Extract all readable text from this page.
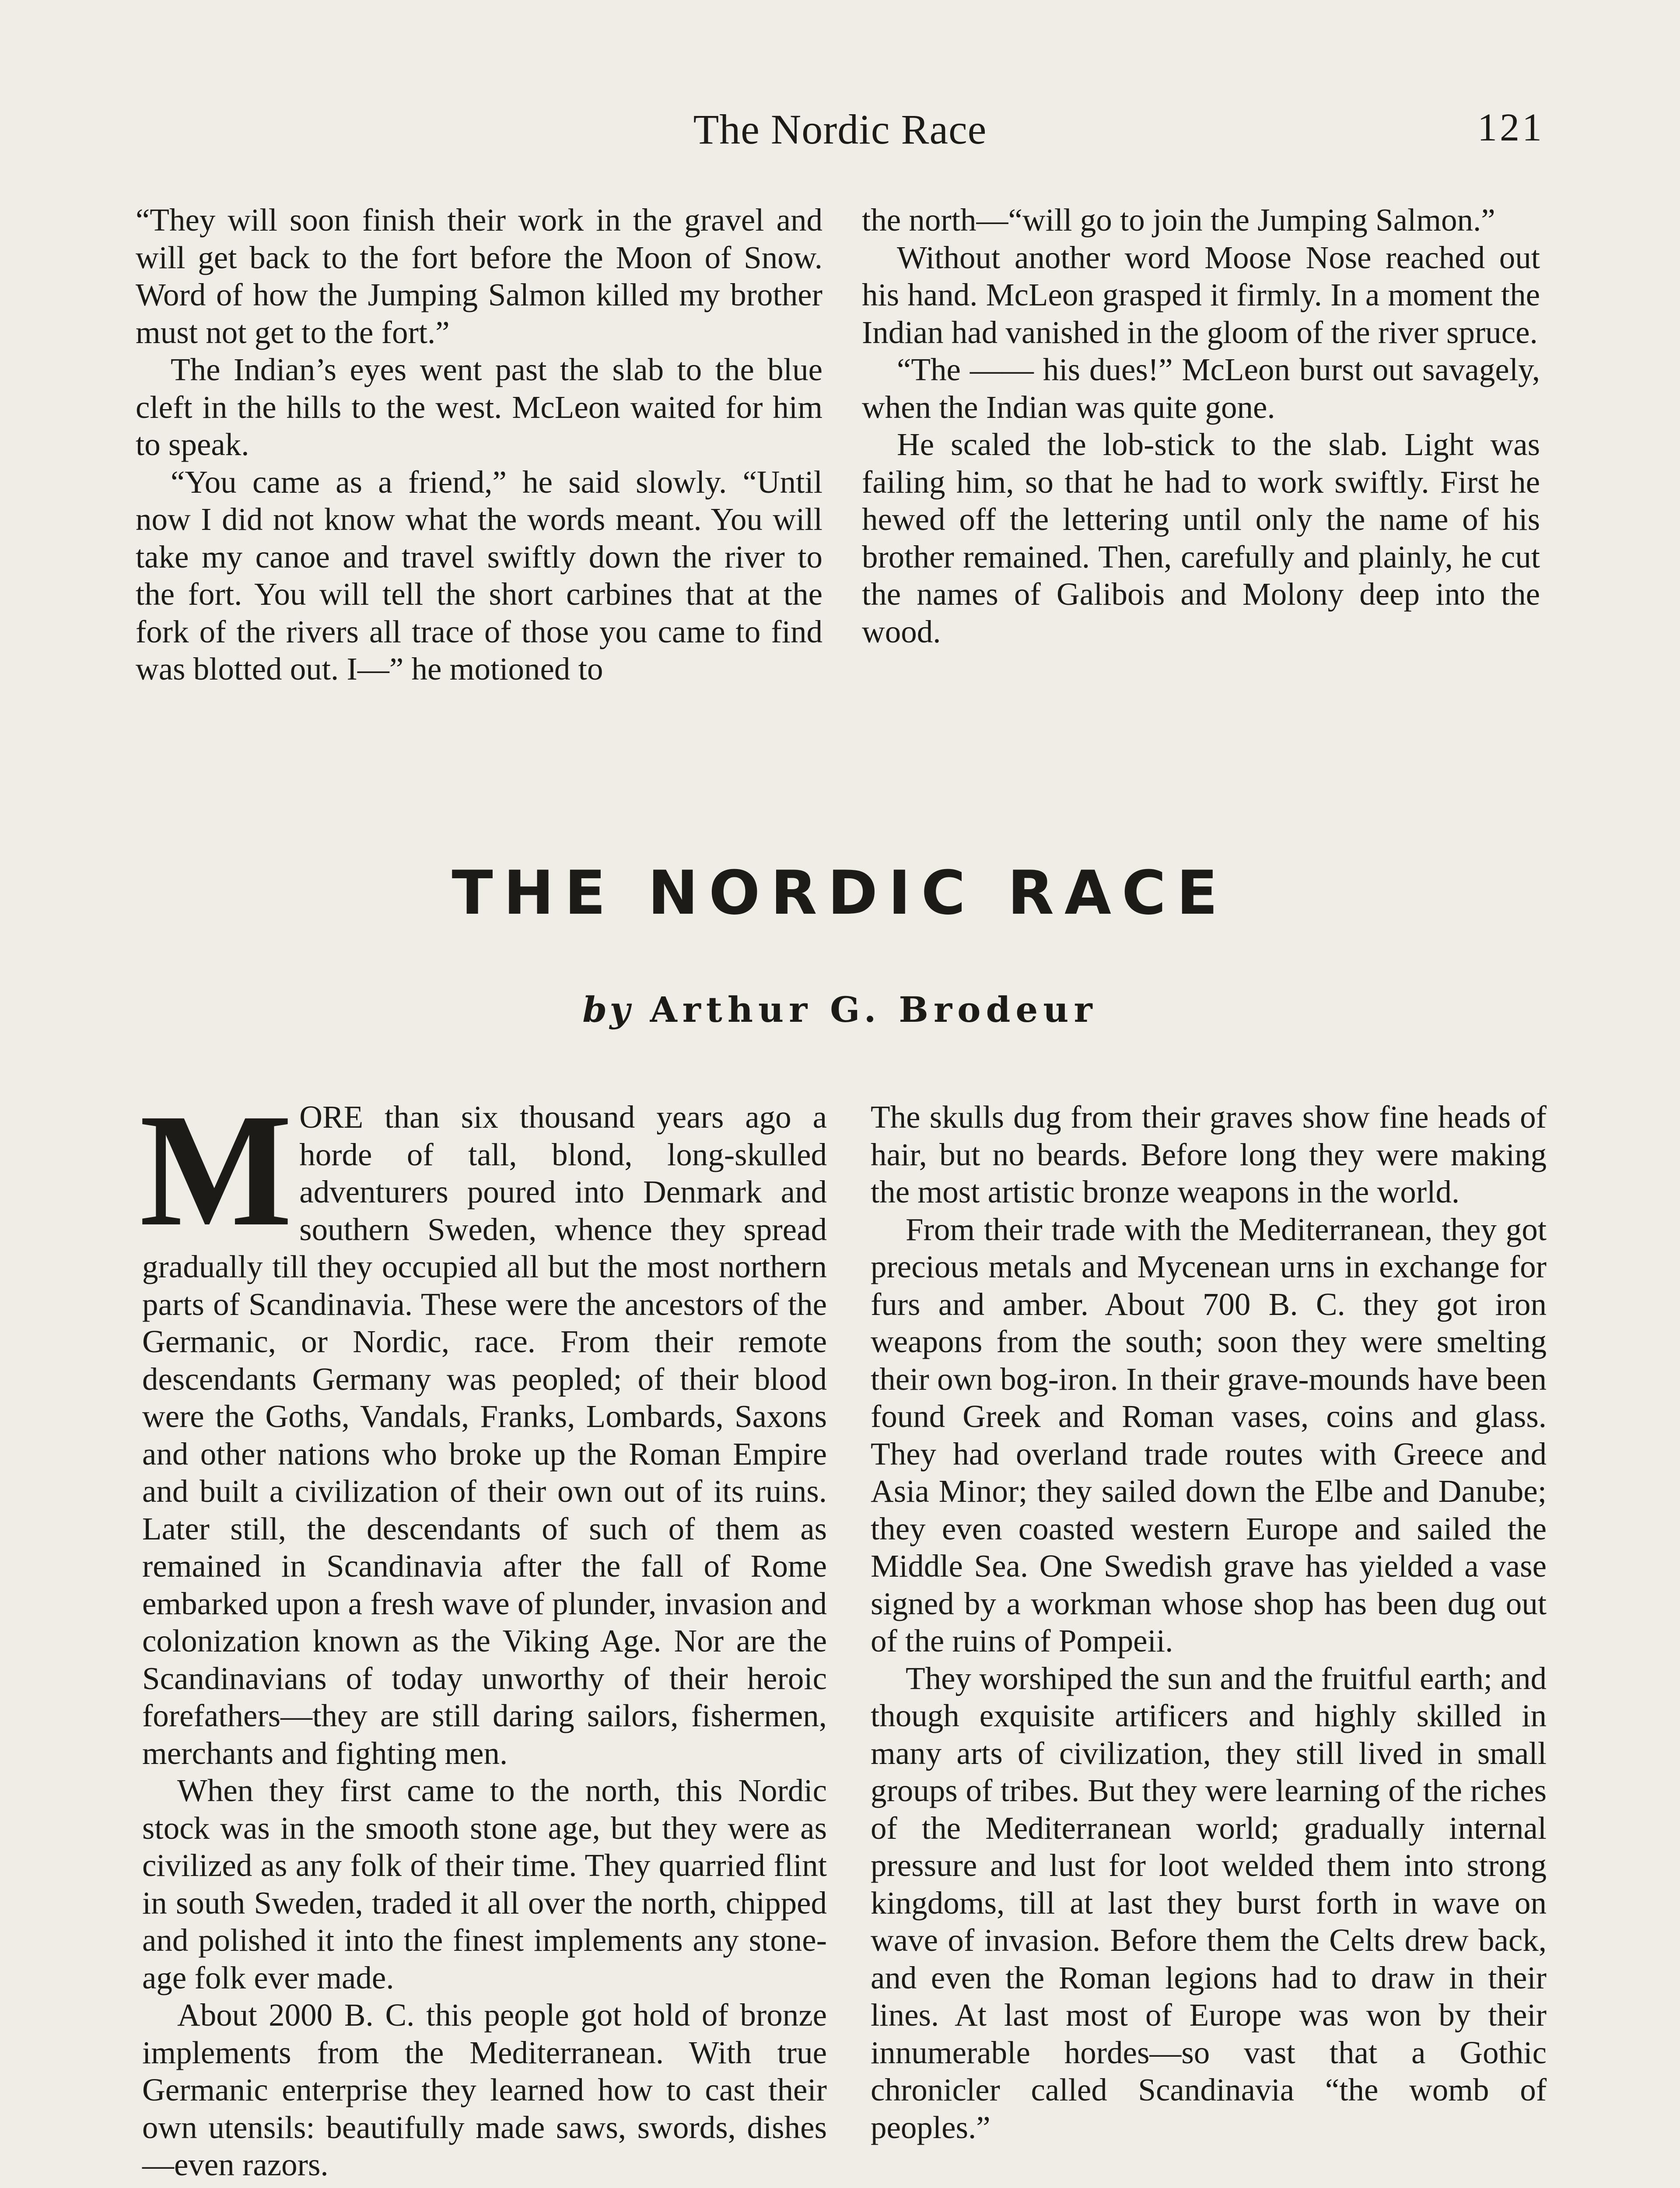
The Nordic Race	121

“They will soon finish their work in the gravel and will get back to the fort before the Moon of Snow. Word of how the Jumping Salmon killed my brother must not get to the fort.”

The Indian’s eyes went past the slab to the blue cleft in the hills to the west. McLeon waited for him to speak.

“You came as a friend,” he said slowly. “Until now I did not know what the words meant. You will take my canoe and travel swiftly down the river to the fort. You will tell the short carbines that at the fork of the rivers all trace of those you came to find was blotted out. I—” he motioned to

the north—“will go to join the Jumping Salmon.”

Without another word Moose Nose reached out his hand. McLeon grasped it firmly. In a moment the Indian had vanished in the gloom of the river spruce.

“The —— his dues!” McLeon burst out savagely, when the Indian was quite gone.

He scaled the lob-stick to the slab. Light was failing him, so that he had to work swiftly. First he hewed off the lettering until only the name of his brother remained. Then, carefully and plainly, he cut the names of Galibois and Molony deep into the wood.

THE NORDIC RACE
by Arthur G. Brodeur

MORE than six thousand years ago a horde of tall, blond, long-skulled adventurers poured into Denmark and southern Sweden, whence they spread gradually till they occupied all but the most northern parts of Scandinavia. These were the ancestors of the Germanic, or Nordic, race. From their remote descendants Germany was peopled; of their blood were the Goths, Vandals, Franks, Lombards, Saxons and other nations who broke up the Roman Empire and built a civilization of their own out of its ruins. Later still, the descendants of such of them as remained in Scandinavia after the fall of Rome embarked upon a fresh wave of plunder, invasion and colonization known as the Viking Age. Nor are the Scandinavians of today unworthy of their heroic forefathers—they are still daring sailors, fishermen, merchants and fighting men.

When they first came to the north, this Nordic stock was in the smooth stone age, but they were as civilized as any folk of their time. They quarried flint in south Sweden, traded it all over the north, chipped and polished it into the finest implements any stone-age folk ever made.

About 2000 B. C. this people got hold of bronze implements from the Mediterranean. With true Germanic enterprise they learned how to cast their own utensils: beautifully made saws, swords, dishes—even razors.

The skulls dug from their graves show fine heads of hair, but no beards. Before long they were making the most artistic bronze weapons in the world.

From their trade with the Mediterranean, they got precious metals and Mycenean urns in exchange for furs and amber. About 700 B. C. they got iron weapons from the south; soon they were smelting their own bog-iron. In their grave-mounds have been found Greek and Roman vases, coins and glass. They had overland trade routes with Greece and Asia Minor; they sailed down the Elbe and Danube; they even coasted western Europe and sailed the Middle Sea. One Swedish grave has yielded a vase signed by a workman whose shop has been dug out of the ruins of Pompeii.

They worshiped the sun and the fruitful earth; and though exquisite artificers and highly skilled in many arts of civilization, they still lived in small groups of tribes. But they were learning of the riches of the Mediterranean world; gradually internal pressure and lust for loot welded them into strong kingdoms, till at last they burst forth in wave on wave of invasion. Before them the Celts drew back, and even the Roman legions had to draw in their lines. At last most of Europe was won by their innumerable hordes—so vast that a Gothic chronicler called Scandinavia “the womb of peoples.”
